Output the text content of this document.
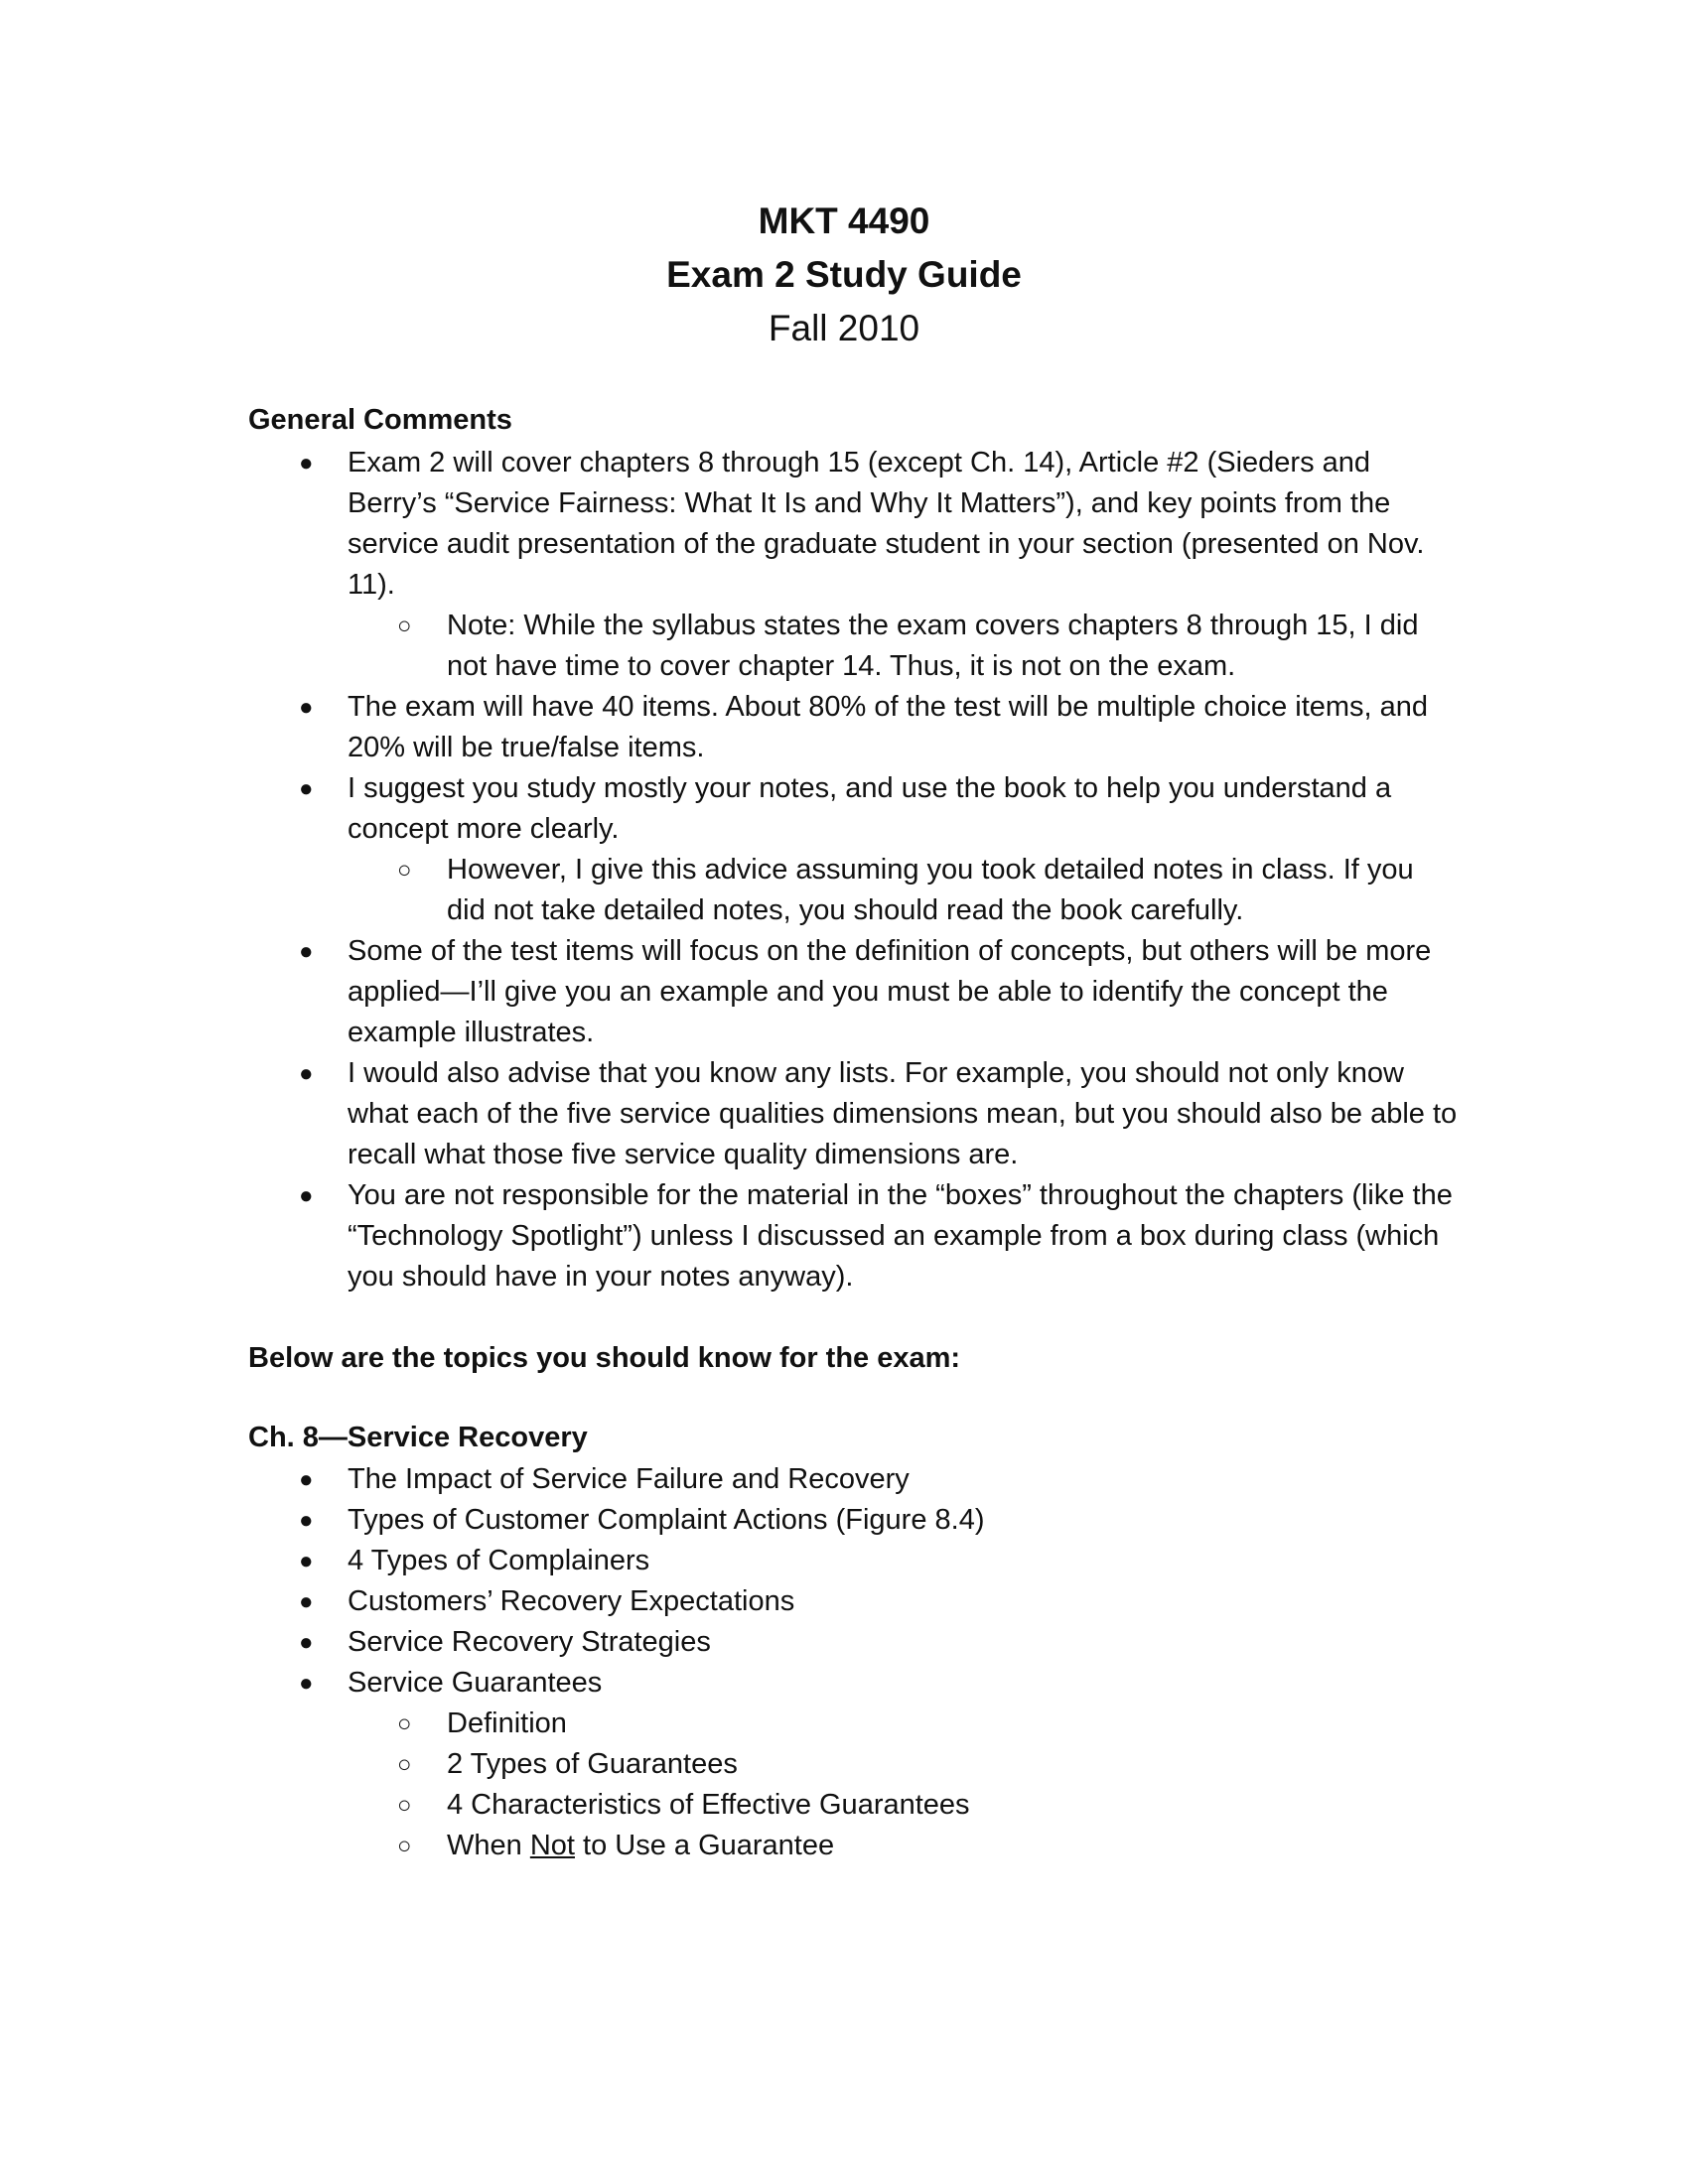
MKT 4490

Exam 2 Study Guide

Fall 2010

General Comments
● Exam 2 will cover chapters 8 through 15 (except Ch. 14), Article #2 (Sieders and Berry’s “Service Fairness: What It Is and Why It Matters”), and key points from the service audit presentation of the graduate student in your section (presented on Nov. 11).
○ Note: While the syllabus states the exam covers chapters 8 through 15, I did not have time to cover chapter 14. Thus, it is not on the exam.
● The exam will have 40 items. About 80% of the test will be multiple choice items, and 20% will be true/false items.
● I suggest you study mostly your notes, and use the book to help you understand a concept more clearly.
○ However, I give this advice assuming you took detailed notes in class. If you did not take detailed notes, you should read the book carefully.
● Some of the test items will focus on the definition of concepts, but others will be more applied—I’ll give you an example and you must be able to identify the concept the example illustrates.
● I would also advise that you know any lists. For example, you should not only know what each of the five service qualities dimensions mean, but you should also be able to recall what those five service quality dimensions are.
● You are not responsible for the material in the “boxes” throughout the chapters (like the “Technology Spotlight”) unless I discussed an example from a box during class (which you should have in your notes anyway).
Below are the topics you should know for the exam:
Ch. 8—Service Recovery
● The Impact of Service Failure and Recovery
● Types of Customer Complaint Actions (Figure 8.4)
● 4 Types of Complainers
● Customers’ Recovery Expectations
● Service Recovery Strategies
● Service Guarantees
○ Definition
○ 2 Types of Guarantees
○ 4 Characteristics of Effective Guarantees
○ When Not to Use a Guarantee
